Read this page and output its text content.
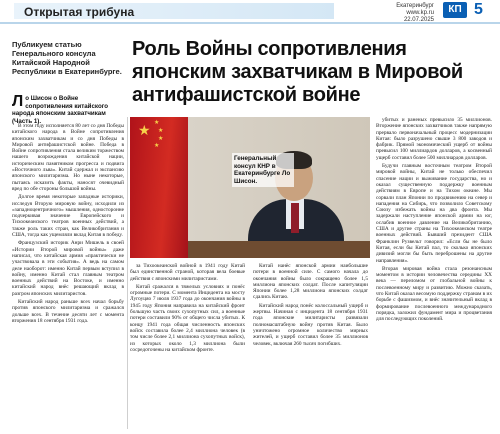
Открытая трибуна	Екатеринбург
www.kp.ru
22.07.2025
КП 5
Публикуем статью Генерального консула Китайской Народной Республики в Екатеринбурге.
Роль Войны сопротивления японским захватчикам в Мировой антифашистской войне
Ло Шисон о Войне сопротивления китайского народа японским захватчикам (Часть 1).

В этом году исполняется 80 лет со дня Победы китайского народа в Войне сопротивления японским захватчикам и со дня Победы в Мировой антифашистской войне. Победа в Войне сопротивления стала великим торжеством нашего возрождения китайской нации, историческим памятником прогресса и подвига «Восточного льва». Китай сдержал и экспансию японского милитаризма. Но ныне некоторые, пытаясь исказить факты, наносят очевидный вред по обе стороны большой войны.

Долгое время некоторые западные историки, исследуя Вторую мировую войну, исходили из «западноцентричного» мышления, односторонне подчеркивая значение Европейского и Тихоокеанского театров военных действий, а также роль таких стран, как Великобритания и США, тогда как ущемляли вклад Китая в победу.

Французский историк Анри Мишель в своей «Истории Второй мировой войны» даже написал, что китайская армия «практически не участвовала в эти события». А ведь на самом деле наоборот: именно Китай первым вступил в войну, именно Китай стал главным театром военных действий на Востоке, и именно китайский народ внёс решающий вклад в разгром японских милитаристов.

Китайский народ раньше всех начал борьбу против японского милитаризма и сражался дольше всех. В течение десяти лет с момента вторжения 18 сентября 1931 года.

★
★
★
★
★
Генеральный консул КНР в Екатеринбурге Ло Шисон.

за Тихоокеанской войной в 1941 году Китай был единственной страной, которая вела боевые действия с японскими милитаристами.

Китай сражался в тяжелых условиях и понёс огромные потери. С момента Инцидента на мосту Лугоуцяо 7 июля 1937 года до окончания войны в 1945 году Япония направила на китайский фронт большую часть своих сухопутных сил, а военные потери составили 90% от общего числа убитых. К концу 1941 года общая численность японских войск составила более 2,4 миллиона человек (в том числе более 2,1 миллиона сухопутных войск), из которых около 1,3 миллиона были сосредоточены на китайском фронте.

Китай нанёс японской армии наибольшие потери в военной силе. С самого начала до окончания войны было сокращено более 1,5 миллиона японских солдат. После капитуляции Японии более 1,28 миллиона японских солдат сдались Китаю.

Китайский народ понёс колоссальный ущерб и жертвы. Начиная с инцидента 18 сентября 1931 года японские милитаристы развязали полномасштабную войну против Китая. Было уничтожено огромное количество мирных жителей, и ущерб составил более 35 миллионов человек, включая 260 тысяч погибших.

убитых и раненых превысило 35 миллионов. Вторжение японских захватчиков также напрямую прервало первоначальный процесс модернизации Китая: было разрушено свыше 3 800 заводов и фабрик. Прямой экономический ущерб от войны превысил 100 миллиардов долларов, а косвенный ущерб составил более 500 миллиардов долларов.

Будучи главным восточным театром Второй мировой войны, Китай не только обеспечил спасение нации и выживание государства, но и оказал существенную поддержку военным действиям в Европе и на Тихом океане. Мы сорвали план Японии по продвижению на север и нападения на Сибирь, что позволило Советскому Союзу избежать войны на два фронта. Мы задержали наступление японской армии на юг, ослабив военное давление на Великобританию, США и другие страны на Тихоокеанском театре военных действий. Бывший президент США Франклин Рузвельт говорил: «Если бы не было Китая, если бы Китай пал, то сколько японских дивизий могли бы быть переброшены на другие направления».

Вторая мировая война стала резонансным моментом в истории человечества середины XX века — переломом от глобальной войны к послевоенному миру и развитию. Можно сказать, что Китай оказал весомую поддержку странам в их борьбе с фашизмом, и внёс значительный вклад в формирование послевоенного международного порядка, заложил фундамент мира и процветания для последующих поколений.
